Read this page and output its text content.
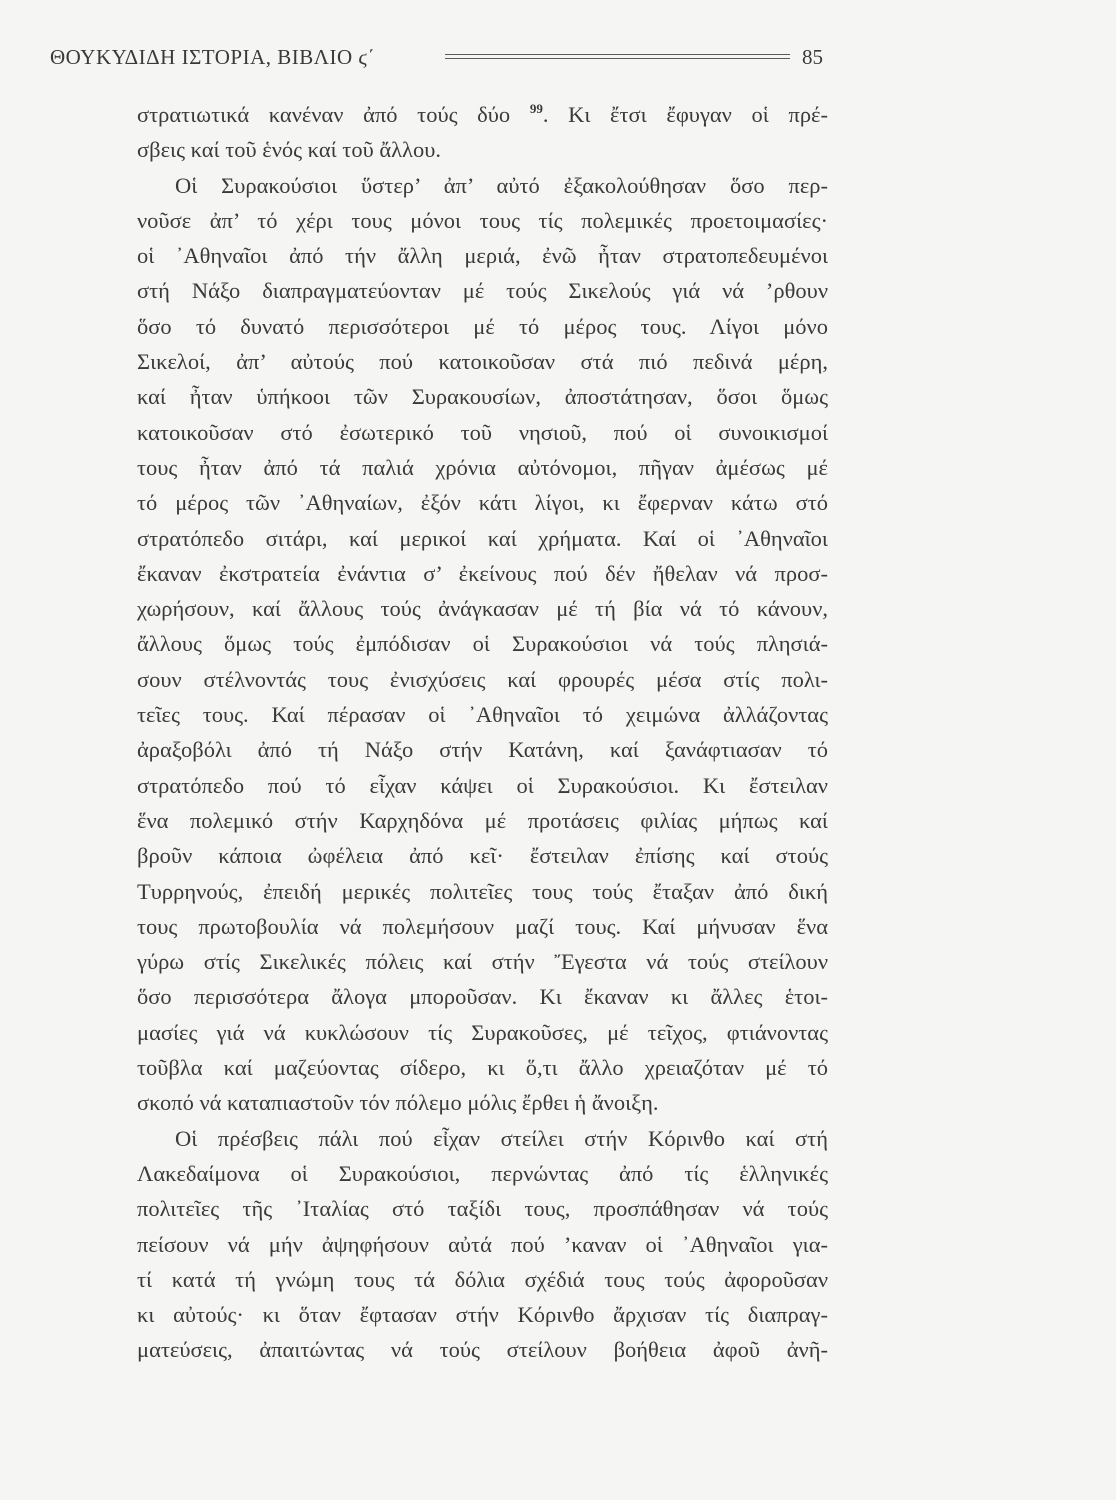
ΘΟΥΚΥΔΙΔΗ ΙΣΤΟΡΙΑ, ΒΙΒΛΙΟ ϛ΄	85
στρατιωτικά κανέναν ἀπό τούς δύο $^{99}$. Κι ἔτσι ἔφυγαν οἱ πρέ-
σβεις καί τοῦ ἑνός καί τοῦ ἄλλου.
Οἱ Συρακούσιοι ὕστερ’ ἀπ’ αὐτό ἐξακολούθησαν ὅσο περ-
νοῦσε ἀπ’ τό χέρι τους μόνοι τους τίς πολεμικές προετοιμασίες·
οἱ ᾿Αθηναῖοι ἀπό τήν ἄλλη μεριά, ἐνῶ ἦταν στρατοπεδευμένοι
στή Νάξο διαπραγματεύονταν μέ τούς Σικελούς γιά νά ’ρθουν
ὅσο τό δυνατό περισσότεροι μέ τό μέρος τους. Λίγοι μόνο
Σικελοί, ἀπ’ αὐτούς πού κατοικοῦσαν στά πιό πεδινά μέρη,
καί ἦταν ὑπήκοοι τῶν Συρακουσίων, ἀποστάτησαν, ὅσοι ὅμως
κατοικοῦσαν στό ἐσωτερικό τοῦ νησιοῦ, πού οἱ συνοικισμοί
τους ἦταν ἀπό τά παλιά χρόνια αὐτόνομοι, πῆγαν ἀμέσως μέ
τό μέρος τῶν ᾿Αθηναίων, ἐξόν κάτι λίγοι, κι ἔφερναν κάτω στό
στρατόπεδο σιτάρι, καί μερικοί καί χρήματα. Καί οἱ ᾿Αθηναῖοι
ἔκαναν ἐκστρατεία ἐνάντια σ’ ἐκείνους πού δέν ἤθελαν νά προσ-
χωρήσουν, καί ἄλλους τούς ἀνάγκασαν μέ τή βία νά τό κάνουν,
ἄλλους ὅμως τούς ἐμπόδισαν οἱ Συρακούσιοι νά τούς πλησιά-
σουν στέλνοντάς τους ἐνισχύσεις καί φρουρές μέσα στίς πολι-
τεῖες τους. Καί πέρασαν οἱ ᾿Αθηναῖοι τό χειμώνα ἀλλάζοντας
ἀραξοβόλι ἀπό τή Νάξο στήν Κατάνη, καί ξανάφτιασαν τό
στρατόπεδο πού τό εἶχαν κάψει οἱ Συρακούσιοι. Κι ἔστειλαν
ἕνα πολεμικό στήν Καρχηδόνα μέ προτάσεις φιλίας μήπως καί
βροῦν κάποια ὠφέλεια ἀπό κεῖ· ἔστειλαν ἐπίσης καί στούς
Τυρρηνούς, ἐπειδή μερικές πολιτεῖες τους τούς ἔταξαν ἀπό δική
τους πρωτοβουλία νά πολεμήσουν μαζί τους. Καί μήνυσαν ἕνα
γύρω στίς Σικελικές πόλεις καί στήν Ἔγεστα νά τούς στείλουν
ὅσο περισσότερα ἄλογα μποροῦσαν. Κι ἔκαναν κι ἄλλες ἑτοι-
μασίες γιά νά κυκλώσουν τίς Συρακοῦσες, μέ τεῖχος, φτιάνοντας
τοῦβλα καί μαζεύοντας σίδερο, κι ὅ,τι ἄλλο χρειαζόταν μέ τό
σκοπό νά καταπιαστοῦν τόν πόλεμο μόλις ἔρθει ἡ ἄνοιξη.
Οἱ πρέσβεις πάλι πού εἶχαν στείλει στήν Κόρινθο καί στή
Λακεδαίμονα οἱ Συρακούσιοι, περνώντας ἀπό τίς ἑλληνικές
πολιτεῖες τῆς ᾿Ιταλίας στό ταξίδι τους, προσπάθησαν νά τούς
πείσουν νά μήν ἀψηφήσουν αὐτά πού ’καναν οἱ ᾿Αθηναῖοι για-
τί κατά τή γνώμη τους τά δόλια σχέδιά τους τούς ἀφοροῦσαν
κι αὐτούς· κι ὅταν ἔφτασαν στήν Κόρινθο ἄρχισαν τίς διαπραγ-
ματεύσεις, ἀπαιτώντας νά τούς στείλουν βοήθεια ἀφοῦ ἀνῆ-
